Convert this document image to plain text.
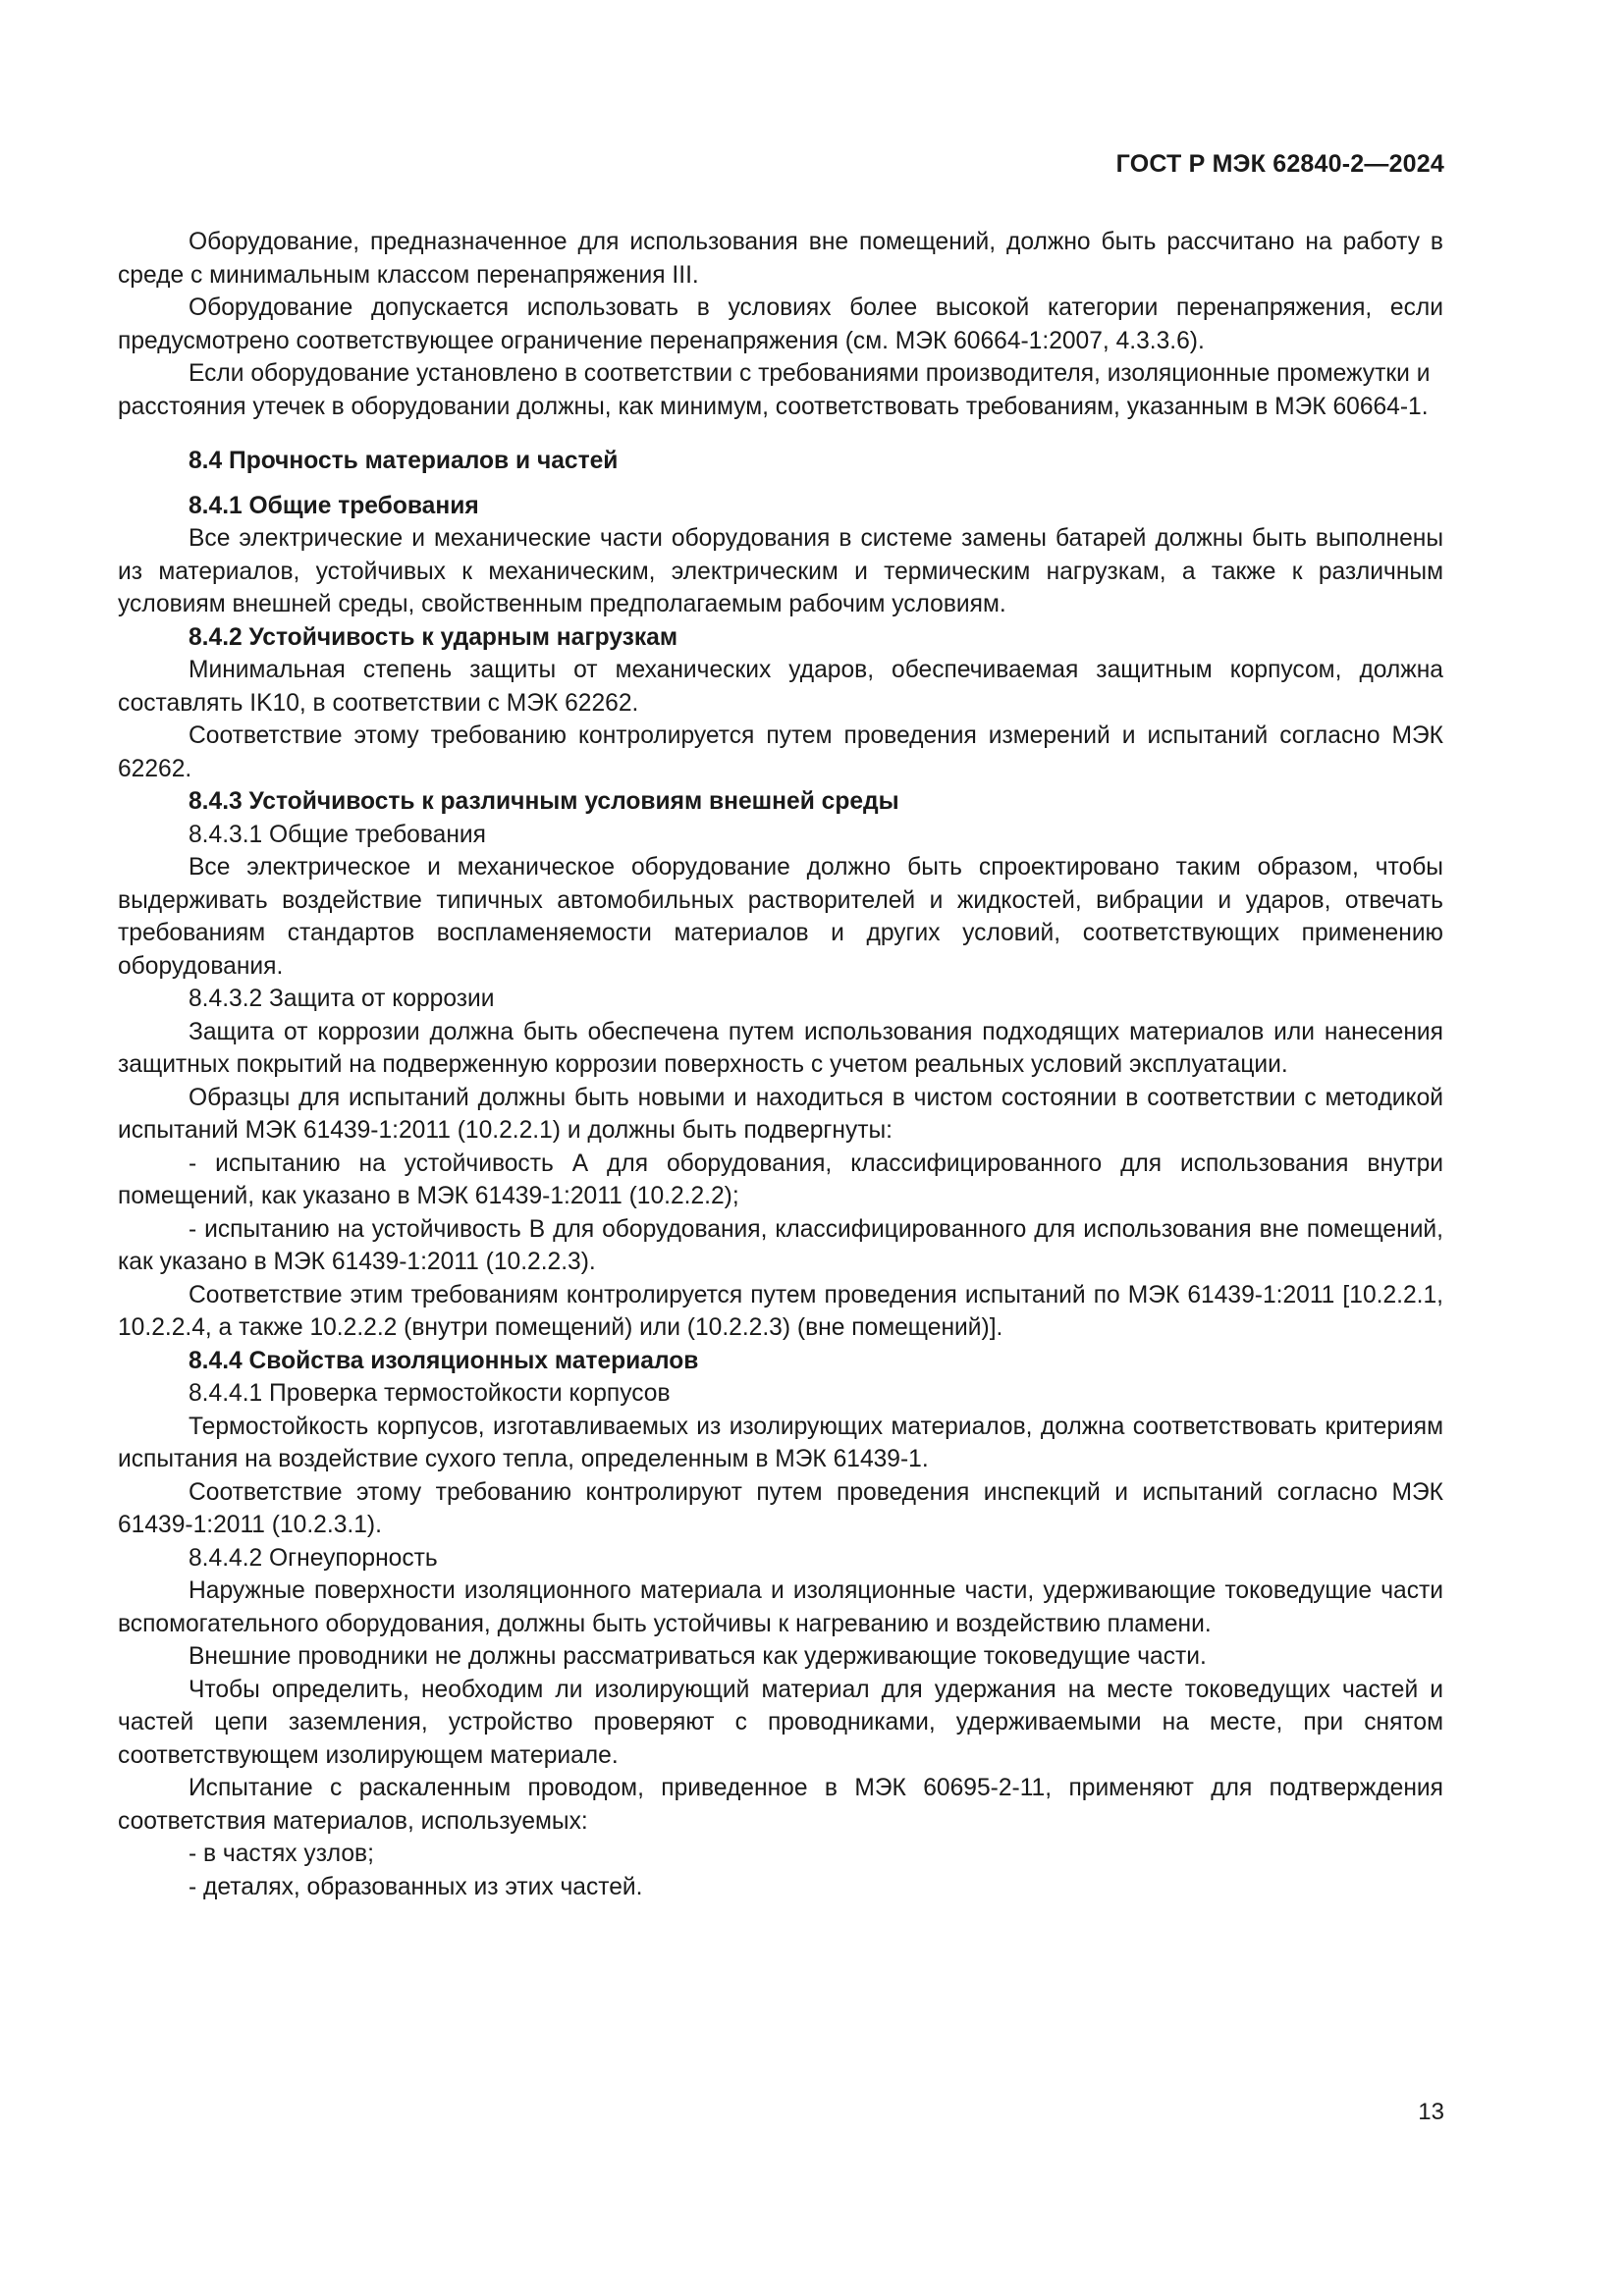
ГОСТ Р МЭК 62840-2—2024

Оборудование, предназначенное для использования вне помещений, должно быть рассчитано на работу в среде с минимальным классом перенапряжения III.

Оборудование допускается использовать в условиях более высокой категории перенапряжения, если предусмотрено соответствующее ограничение перенапряжения (см. МЭК 60664-1:2007, 4.3.3.6).

Если оборудование установлено в соответствии с требованиями производителя, изоляционные промежутки и расстояния утечек в оборудовании должны, как минимум, соответствовать требованиям, указанным в МЭК 60664-1.

8.4 Прочность материалов и частей

8.4.1 Общие требования

Все электрические и механические части оборудования в системе замены батарей должны быть выполнены из материалов, устойчивых к механическим, электрическим и термическим нагрузкам, а также к различным условиям внешней среды, свойственным предполагаемым рабочим условиям.

8.4.2 Устойчивость к ударным нагрузкам

Минимальная степень защиты от механических ударов, обеспечиваемая защитным корпусом, должна составлять IK10, в соответствии с МЭК 62262.

Соответствие этому требованию контролируется путем проведения измерений и испытаний согласно МЭК 62262.

8.4.3 Устойчивость к различным условиям внешней среды

8.4.3.1 Общие требования

Все электрическое и механическое оборудование должно быть спроектировано таким образом, чтобы выдерживать воздействие типичных автомобильных растворителей и жидкостей, вибрации и ударов, отвечать требованиям стандартов воспламеняемости материалов и других условий, соответствующих применению оборудования.

8.4.3.2 Защита от коррозии

Защита от коррозии должна быть обеспечена путем использования подходящих материалов или нанесения защитных покрытий на подверженную коррозии поверхность с учетом реальных условий эксплуатации.

Образцы для испытаний должны быть новыми и находиться в чистом состоянии в соответствии с методикой испытаний МЭК 61439-1:2011 (10.2.2.1) и должны быть подвергнуты:

- испытанию на устойчивость А для оборудования, классифицированного для использования внутри помещений, как указано в МЭК 61439-1:2011 (10.2.2.2);

- испытанию на устойчивость В для оборудования, классифицированного для использования вне помещений, как указано в МЭК 61439-1:2011 (10.2.2.3).

Соответствие этим требованиям контролируется путем проведения испытаний по МЭК 61439-1:2011 [10.2.2.1, 10.2.2.4, а также 10.2.2.2 (внутри помещений) или (10.2.2.3) (вне помещений)].

8.4.4 Свойства изоляционных материалов

8.4.4.1 Проверка термостойкости корпусов

Термостойкость корпусов, изготавливаемых из изолирующих материалов, должна соответствовать критериям испытания на воздействие сухого тепла, определенным в МЭК 61439-1.

Соответствие этому требованию контролируют путем проведения инспекций и испытаний согласно МЭК 61439-1:2011 (10.2.3.1).

8.4.4.2 Огнеупорность

Наружные поверхности изоляционного материала и изоляционные части, удерживающие токоведущие части вспомогательного оборудования, должны быть устойчивы к нагреванию и воздействию пламени.

Внешние проводники не должны рассматриваться как удерживающие токоведущие части.

Чтобы определить, необходим ли изолирующий материал для удержания на месте токоведущих частей и частей цепи заземления, устройство проверяют с проводниками, удерживаемыми на месте, при снятом соответствующем изолирующем материале.

Испытание с раскаленным проводом, приведенное в МЭК 60695-2-11, применяют для подтверждения соответствия материалов, используемых:

- в частях узлов;

- деталях, образованных из этих частей.

13
